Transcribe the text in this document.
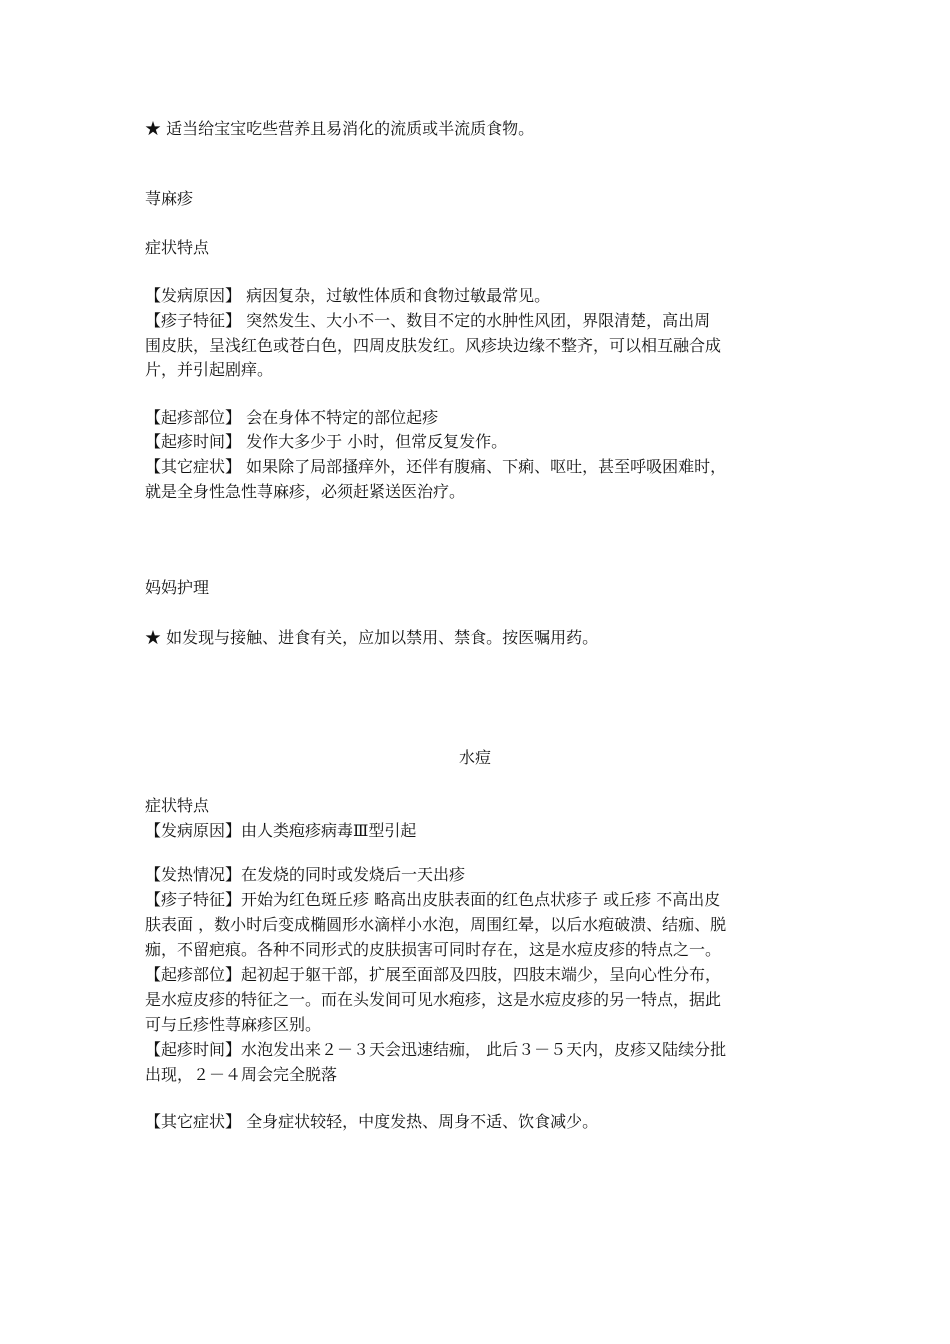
★ 适当给宝宝吃些营养且易消化的流质或半流质食物。
荨麻疹
症状特点
【发病原因】 病因复杂，过敏性体质和食物过敏最常见。
【疹子特征】 突然发生、大小不一、数目不定的水肿性风团，界限清楚，高出周
围皮肤，呈浅红色或苍白色，四周皮肤发红。风疹块边缘不整齐，可以相互融合成
片，并引起剧痒。
【起疹部位】 会在身体不特定的部位起疹
【起疹时间】 发作大多少于 小时，但常反复发作。
【其它症状】 如果除了局部搔痒外，还伴有腹痛、下痢、呕吐，甚至呼吸困难时，
就是全身性急性荨麻疹，必须赶紧送医治疗。
妈妈护理
★ 如发现与接触、进食有关，应加以禁用、禁食。按医嘱用药。
水痘
症状特点
【发病原因】由人类疱疹病毒Ⅲ型引起
【发热情况】在发烧的同时或发烧后一天出疹
【疹子特征】开始为红色斑丘疹 略高出皮肤表面的红色点状疹子 或丘疹 不高出皮
肤表面 ，数小时后变成椭圆形水滴样小水泡，周围红晕，以后水疱破溃、结痂、脱
痂，不留疤痕。各种不同形式的皮肤损害可同时存在，这是水痘皮疹的特点之一。
【起疹部位】起初起于躯干部，扩展至面部及四肢，四肢末端少，呈向心性分布，
是水痘皮疹的特征之一。而在头发间可见水疱疹，这是水痘皮疹的另一特点，据此
可与丘疹性荨麻疹区别。
【起疹时间】水泡发出来２－３天会迅速结痂， 此后３－５天内，皮疹又陆续分批
出现，２－４周会完全脱落
【其它症状】 全身症状较轻，中度发热、周身不适、饮食减少。
